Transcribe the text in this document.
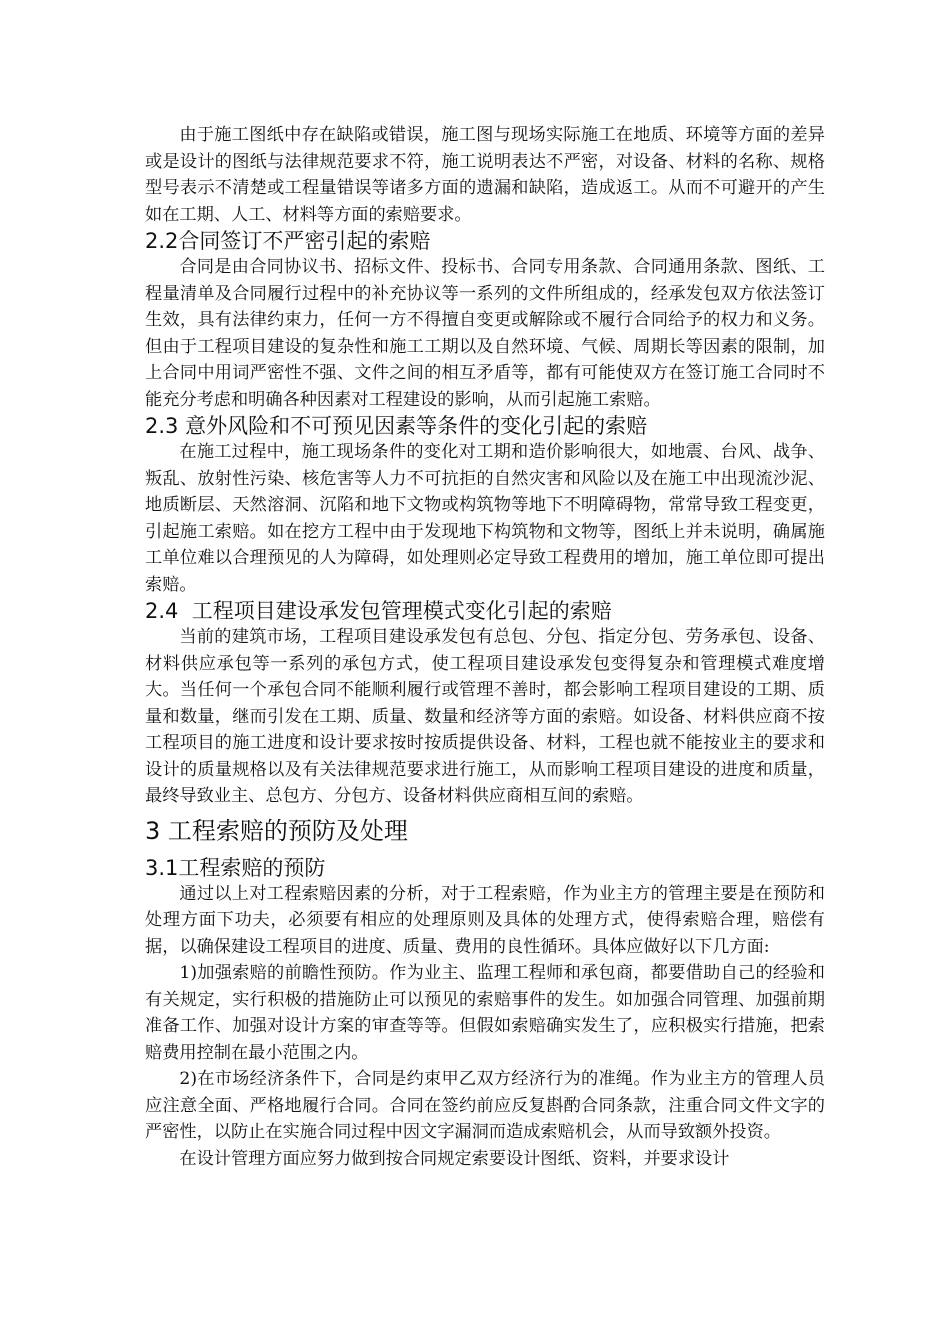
由于施工图纸中存在缺陷或错误，施工图与现场实际施工在地质、环境等方面的差异或是设计的图纸与法律规范要求不符，施工说明表达不严密，对设备、材料的名称、规格型号表示不清楚或工程量错误等诸多方面的遗漏和缺陷，造成返工。从而不可避开的产生如在工期、人工、材料等方面的索赔要求。

2.2合同签订不严密引起的索赔

合同是由合同协议书、招标文件、投标书、合同专用条款、合同通用条款、图纸、工程量清单及合同履行过程中的补充协议等一系列的文件所组成的，经承发包双方依法签订生效，具有法律约束力，任何一方不得擅自变更或解除或不履行合同给予的权力和义务。但由于工程项目建设的复杂性和施工工期以及自然环境、气候、周期长等因素的限制，加上合同中用词严密性不强、文件之间的相互矛盾等，都有可能使双方在签订施工合同时不能充分考虑和明确各种因素对工程建设的影响，从而引起施工索赔。

2.3 意外风险和不可预见因素等条件的变化引起的索赔

在施工过程中，施工现场条件的变化对工期和造价影响很大，如地震、台风、战争、叛乱、放射性污染、核危害等人力不可抗拒的自然灾害和风险以及在施工中出现流沙泥、地质断层、天然溶洞、沉陷和地下文物或构筑物等地下不明障碍物，常常导致工程变更，引起施工索赔。如在挖方工程中由于发现地下构筑物和文物等，图纸上并未说明，确属施工单位难以合理预见的人为障碍，如处理则必定导致工程费用的增加，施工单位即可提出索赔。

2.4  工程项目建设承发包管理模式变化引起的索赔

当前的建筑市场，工程项目建设承发包有总包、分包、指定分包、劳务承包、设备、材料供应承包等一系列的承包方式，使工程项目建设承发包变得复杂和管理模式难度增大。当任何一个承包合同不能顺利履行或管理不善时，都会影响工程项目建设的工期、质量和数量，继而引发在工期、质量、数量和经济等方面的索赔。如设备、材料供应商不按工程项目的施工进度和设计要求按时按质提供设备、材料，工程也就不能按业主的要求和设计的质量规格以及有关法律规范要求进行施工，从而影响工程项目建设的进度和质量，最终导致业主、总包方、分包方、设备材料供应商相互间的索赔。

3 工程索赔的预防及处理
3.1工程索赔的预防

通过以上对工程索赔因素的分析，对于工程索赔，作为业主方的管理主要是在预防和处理方面下功夫，必须要有相应的处理原则及具体的处理方式，使得索赔合理，赔偿有据，以确保建设工程项目的进度、质量、费用的良性循环。具体应做好以下几方面:

1)加强索赔的前瞻性预防。作为业主、监理工程师和承包商，都要借助自己的经验和有关规定，实行积极的措施防止可以预见的索赔事件的发生。如加强合同管理、加强前期准备工作、加强对设计方案的审查等等。但假如索赔确实发生了，应积极实行措施，把索赔费用控制在最小范围之内。

2)在市场经济条件下，合同是约束甲乙双方经济行为的准绳。作为业主方的管理人员应注意全面、严格地履行合同。合同在签约前应反复斟酌合同条款，注重合同文件文字的严密性，以防止在实施合同过程中因文字漏洞而造成索赔机会，从而导致额外投资。

在设计管理方面应努力做到按合同规定索要设计图纸、资料，并要求设计
